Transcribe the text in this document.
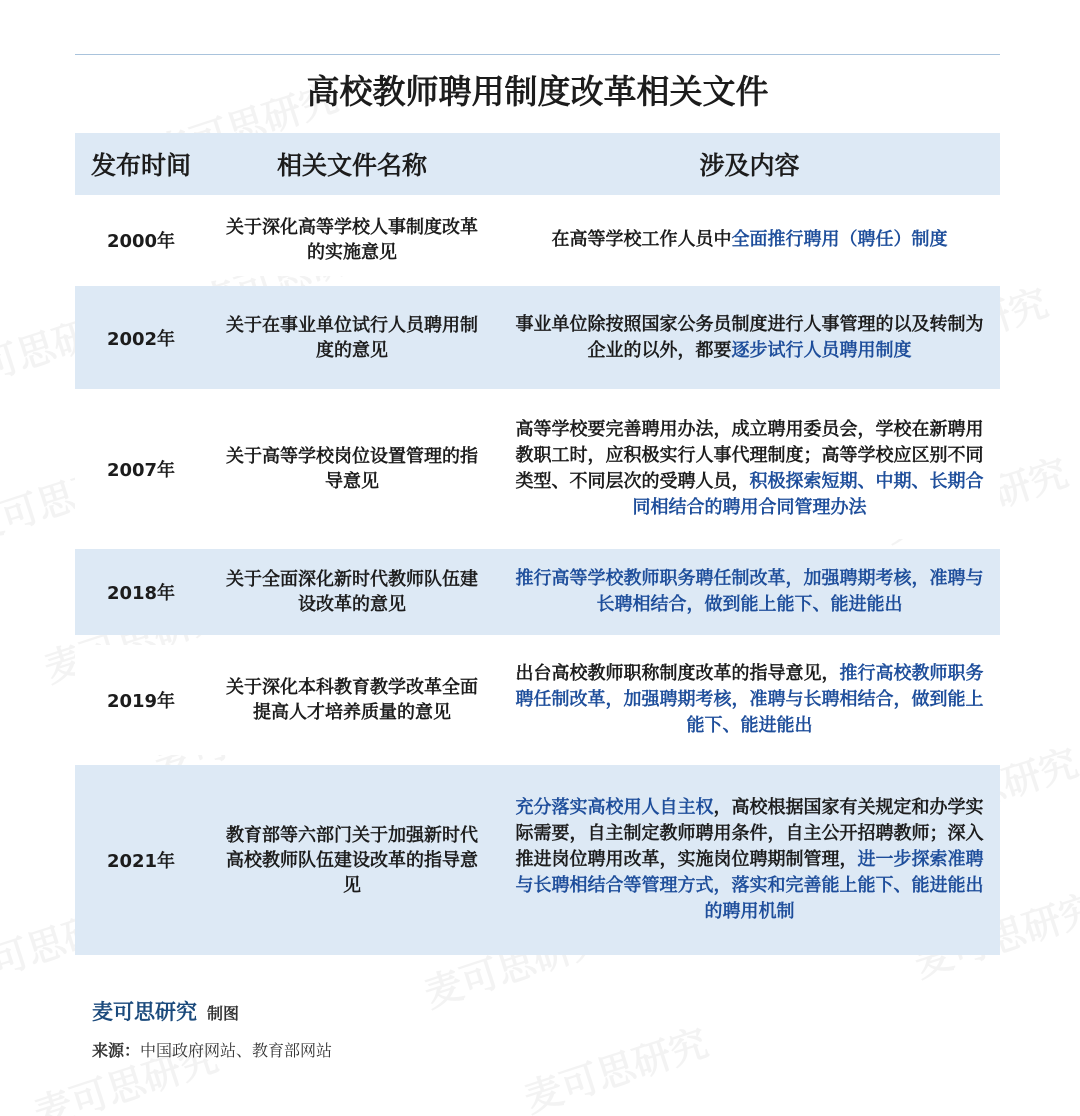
高校教师聘用制度改革相关文件
发布时间	相关文件名称	涉及内容
2000年
关于深化高等学校人事制度改革的实施意见
在高等学校工作人员中全面推行聘用（聘任）制度
2002年
关于在事业单位试行人员聘用制度的意见
事业单位除按照国家公务员制度进行人事管理的以及转制为企业的以外，都要逐步试行人员聘用制度
2007年
关于高等学校岗位设置管理的指导意见
高等学校要完善聘用办法，成立聘用委员会，学校在新聘用教职工时，应积极实行人事代理制度；高等学校应区别不同类型、不同层次的受聘人员，积极探索短期、中期、长期合同相结合的聘用合同管理办法
2018年
关于全面深化新时代教师队伍建设改革的意见
推行高等学校教师职务聘任制改革，加强聘期考核，准聘与长聘相结合，做到能上能下、能进能出
2019年
关于深化本科教育教学改革全面提高人才培养质量的意见
出台高校教师职称制度改革的指导意见，推行高校教师职务聘任制改革，加强聘期考核，准聘与长聘相结合，做到能上能下、能进能出
2021年
教育部等六部门关于加强新时代高校教师队伍建设改革的指导意见
充分落实高校用人自主权，高校根据国家有关规定和办学实际需要，自主制定教师聘用条件，自主公开招聘教师；深入推进岗位聘用改革，实施岗位聘期制管理，进一步探索准聘与长聘相结合等管理方式，落实和完善能上能下、能进能出的聘用机制
麦可思研究 制图
来源：中国政府网站、教育部网站
